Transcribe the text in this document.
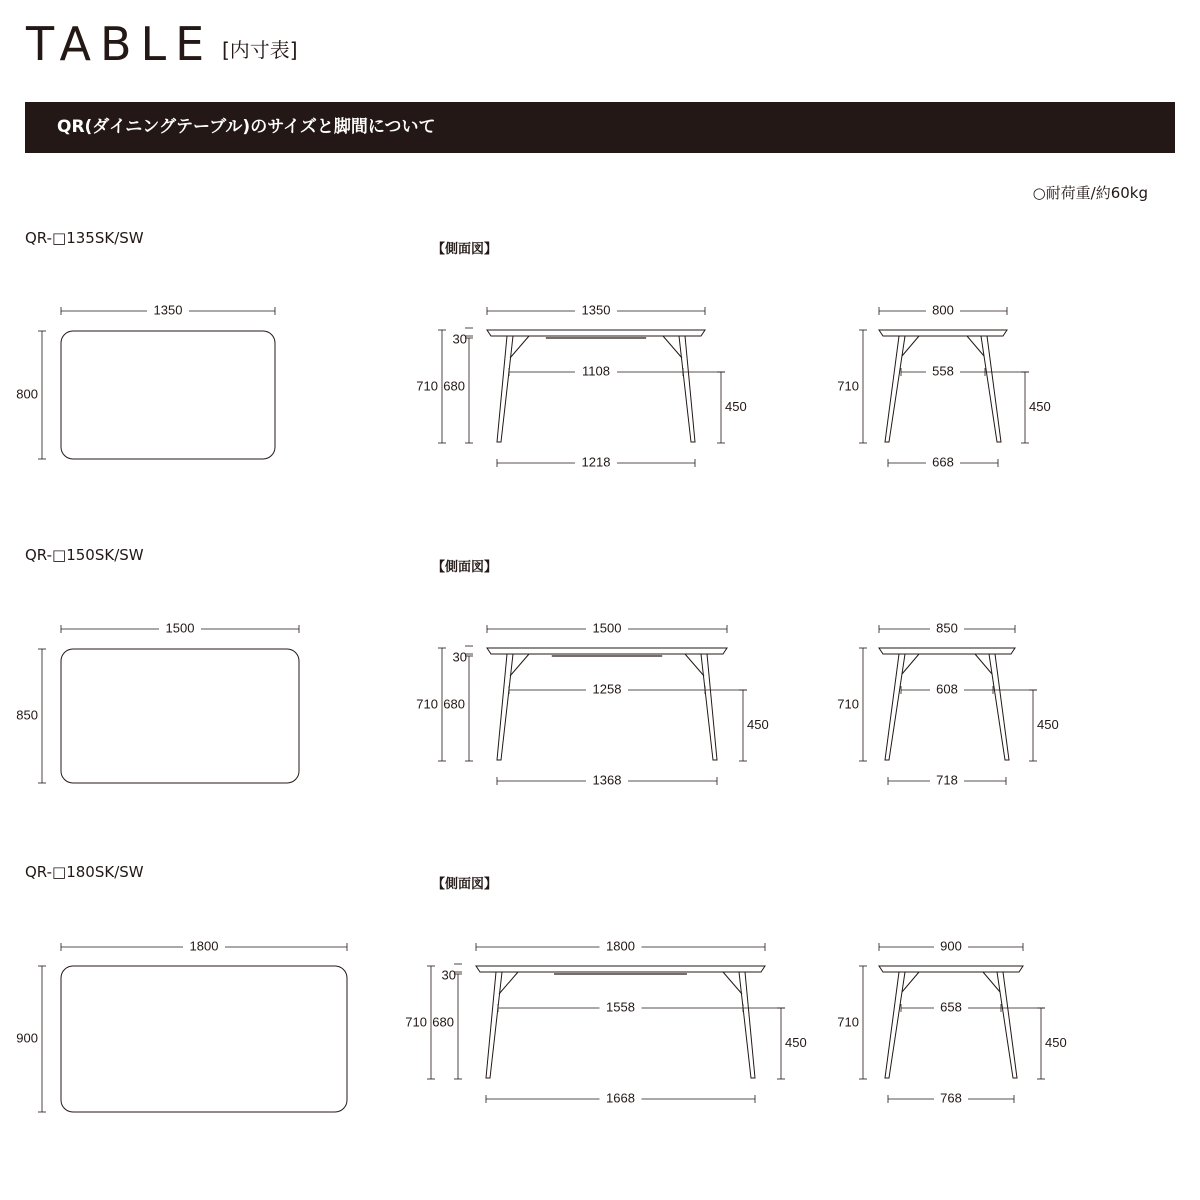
TABLE [内寸表]
QR(ダイニングテーブル)のサイズと脚間について
○耐荷重/約60kg
QR-□135SK/SW
【側面図】
QR-□150SK/SW
【側面図】
QR-□180SK/SW
【側面図】
1350
800
1350
710 680
30
1108
1218
450
800
710
558
668
450
1500
850
1500
710 680
30
1258
1368
450
850
710
608
718
450
1800
900
1800
710 680
30
1558
1668
450
900
710
658
768
450
